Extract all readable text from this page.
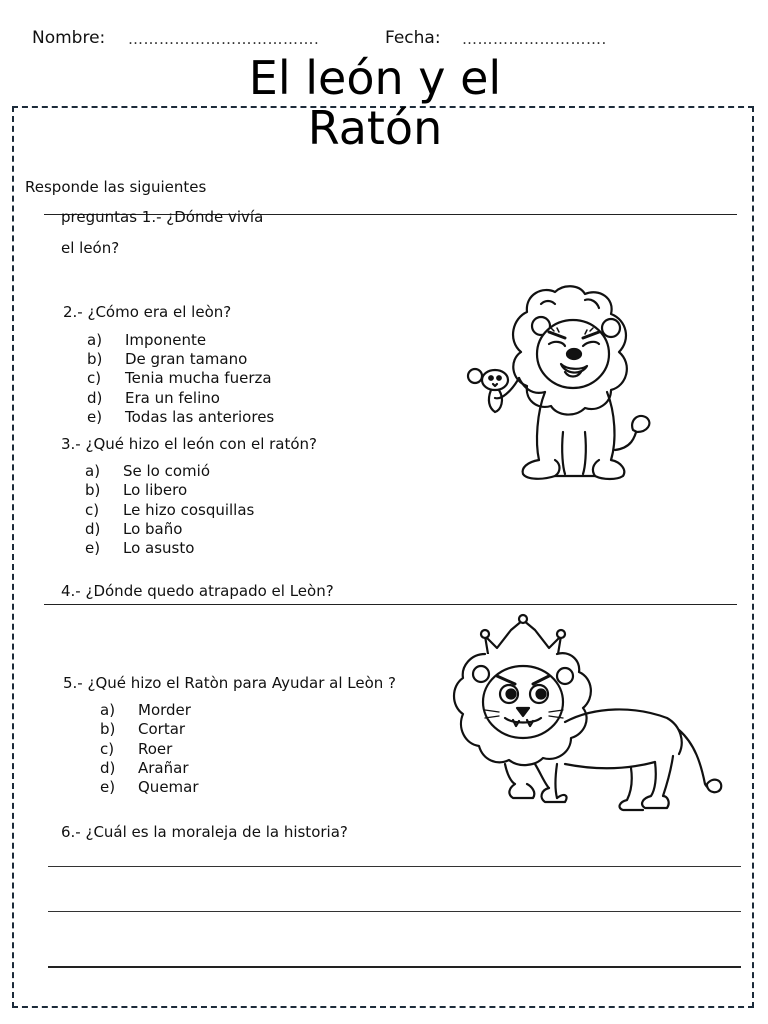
Nombre: ……………………………….	Fecha: ……………………….
El león y el
Ratón
Responde las siguientes
preguntas 1.- ¿Dónde vivía
el león?
2.- ¿Cómo era el leòn?
a) Imponente
b) De gran tamano
c) Tenia mucha fuerza
d) Era un felino
e) Todas las anteriores
3.- ¿Qué hizo el león con el ratón?
a) Se lo comió
b) Lo libero
c) Le hizo cosquillas
d) Lo baño
e) Lo asusto
4.- ¿Dónde quedo atrapado el Leòn?
5.- ¿Qué hizo el Ratòn para Ayudar al Leòn ?
a) Morder
b) Cortar
c) Roer
d) Arañar
e) Quemar
6.- ¿Cuál es la moraleja de la historia?
